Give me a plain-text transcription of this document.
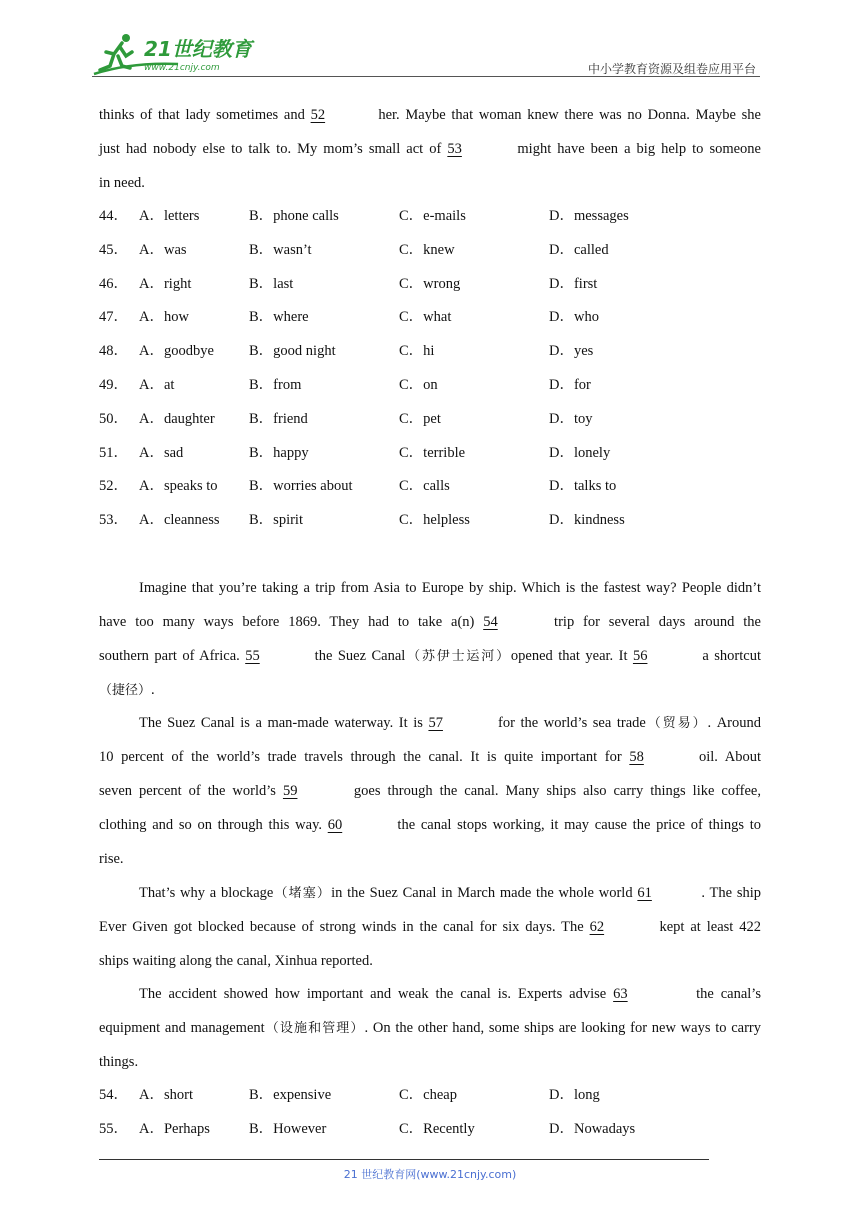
21世纪教育
www.21cnjy.com	中小学教育资源及组卷应用平台
thinks of that lady sometimes and 52	her. Maybe that woman knew there was no Donna. Maybe she
just had nobody else to talk to. My mom’s small act of 53	might have been a big help to someone
in need.
44． A．letters	B．phone calls	C．e-mails	D．messages
45． A．was	B．wasn’t	C．knew	D．called
46． A．right	B．last	C．wrong	D．first
47． A．how	B．where	C．what	D．who
48． A．goodbye B．good night	C．hi	D．yes
49． A．at	B．from	C．on	D．for
50． A．daughter B．friend	C．pet	D．toy
51． A．sad	B．happy	C．terrible	D．lonely
52． A．speaks to B．worries about	C．calls	D．talks to
53． A．cleanness B．spirit	C．helpless	D．kindness
Imagine that you’re taking a trip from Asia to Europe by ship. Which is the fastest way? People didn’t
have too many ways before 1869. They had to take a(n) 54	trip for several days around the
southern part of Africa. 55	the Suez Canal（苏伊士运河）opened that year. It 56	a shortcut
（捷径）.
The Suez Canal is a man-made waterway. It is 57	for the world’s sea trade（贸易）. Around
10 percent of the world’s trade travels through the canal. It is quite important for 58	oil. About
seven percent of the world’s 59	goes through the canal. Many ships also carry things like coffee,
clothing and so on through this way. 60	the canal stops working, it may cause the price of things to
rise.
That’s why a blockage（堵塞）in the Suez Canal in March made the whole world 61	. The ship
Ever Given got blocked because of strong winds in the canal for six days. The 62	kept at least 422
ships waiting along the canal, Xinhua reported.
The accident showed how important and weak the canal is. Experts advise 63	the canal’s
equipment and management（设施和管理）. On the other hand, some ships are looking for new ways to carry
things.
54． A．short	B．expensive	C．cheap	D．long
55． A．Perhaps	B．However	C．Recently	D．Nowadays
21 世纪教育网(www.21cnjy.com)
